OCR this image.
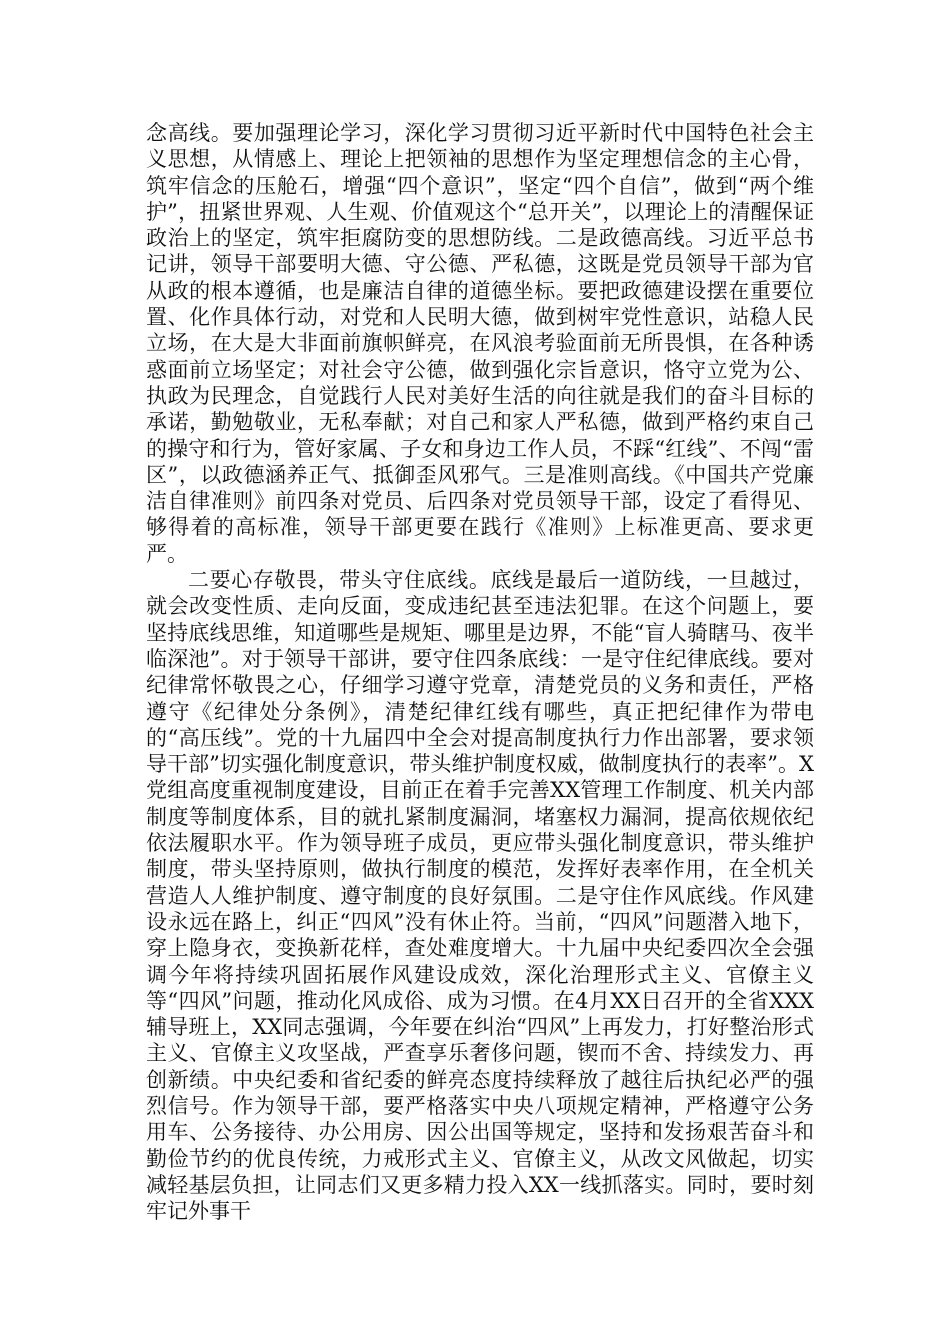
念高线。要加强理论学习，深化学习贯彻习近平新时代中国特色社会主义思想，从情感上、理论上把领袖的思想作为坚定理想信念的主心骨，筑牢信念的压舱石，增强“四个意识”，坚定“四个自信”，做到“两个维护”，扭紧世界观、人生观、价值观这个“总开关”，以理论上的清醒保证政治上的坚定，筑牢拒腐防变的思想防线。二是政德高线。习近平总书记讲，领导干部要明大德、守公德、严私德，这既是党员领导干部为官从政的根本遵循，也是廉洁自律的道德坐标。要把政德建设摆在重要位置、化作具体行动，对党和人民明大德，做到树牢党性意识，站稳人民立场，在大是大非面前旗帜鲜亮，在风浪考验面前无所畏惧，在各种诱惑面前立场坚定；对社会守公德，做到强化宗旨意识，恪守立党为公、执政为民理念，自觉践行人民对美好生活的向往就是我们的奋斗目标的承诺，勤勉敬业，无私奉献；对自己和家人严私德，做到严格约束自己的操守和行为，管好家属、子女和身边工作人员，不踩“红线”、不闯“雷区”，以政德涵养正气、抵御歪风邪气。三是准则高线。《中国共产党廉洁自律准则》前四条对党员、后四条对党员领导干部，设定了看得见、够得着的高标准，领导干部更要在践行《准则》上标准更高、要求更严。

二要心存敬畏，带头守住底线。底线是最后一道防线，一旦越过，就会改变性质、走向反面，变成违纪甚至违法犯罪。在这个问题上，要坚持底线思维，知道哪些是规矩、哪里是边界，不能“盲人骑瞎马、夜半临深池”。对于领导干部讲，要守住四条底线：一是守住纪律底线。要对纪律常怀敬畏之心，仔细学习遵守党章，清楚党员的义务和责任，严格遵守《纪律处分条例》，清楚纪律红线有哪些，真正把纪律作为带电的“高压线”。党的十九届四中全会对提高制度执行力作出部署，要求领导干部”切实强化制度意识，带头维护制度权威，做制度执行的表率”。X党组高度重视制度建设，目前正在着手完善XX管理工作制度、机关内部制度等制度体系，目的就扎紧制度漏洞，堵塞权力漏洞，提高依规依纪依法履职水平。作为领导班子成员，更应带头强化制度意识，带头维护制度，带头坚持原则，做执行制度的模范，发挥好表率作用，在全机关营造人人维护制度、遵守制度的良好氛围。二是守住作风底线。作风建设永远在路上，纠正“四风”没有休止符。当前，“四风”问题潜入地下，穿上隐身衣，变换新花样，查处难度增大。十九届中央纪委四次全会强调今年将持续巩固拓展作风建设成效，深化治理形式主义、官僚主义等“四风”问题，推动化风成俗、成为习惯。在4月XX日召开的全省XXX辅导班上，XX同志强调，今年要在纠治“四风”上再发力，打好整治形式主义、官僚主义攻坚战，严查享乐奢侈问题，锲而不舍、持续发力、再创新绩。中央纪委和省纪委的鲜亮态度持续释放了越往后执纪必严的强烈信号。作为领导干部，要严格落实中央八项规定精神，严格遵守公务用车、公务接待、办公用房、因公出国等规定，坚持和发扬艰苦奋斗和勤俭节约的优良传统，力戒形式主义、官僚主义，从改文风做起，切实减轻基层负担，让同志们又更多精力投入XX一线抓落实。同时，要时刻牢记外事干
